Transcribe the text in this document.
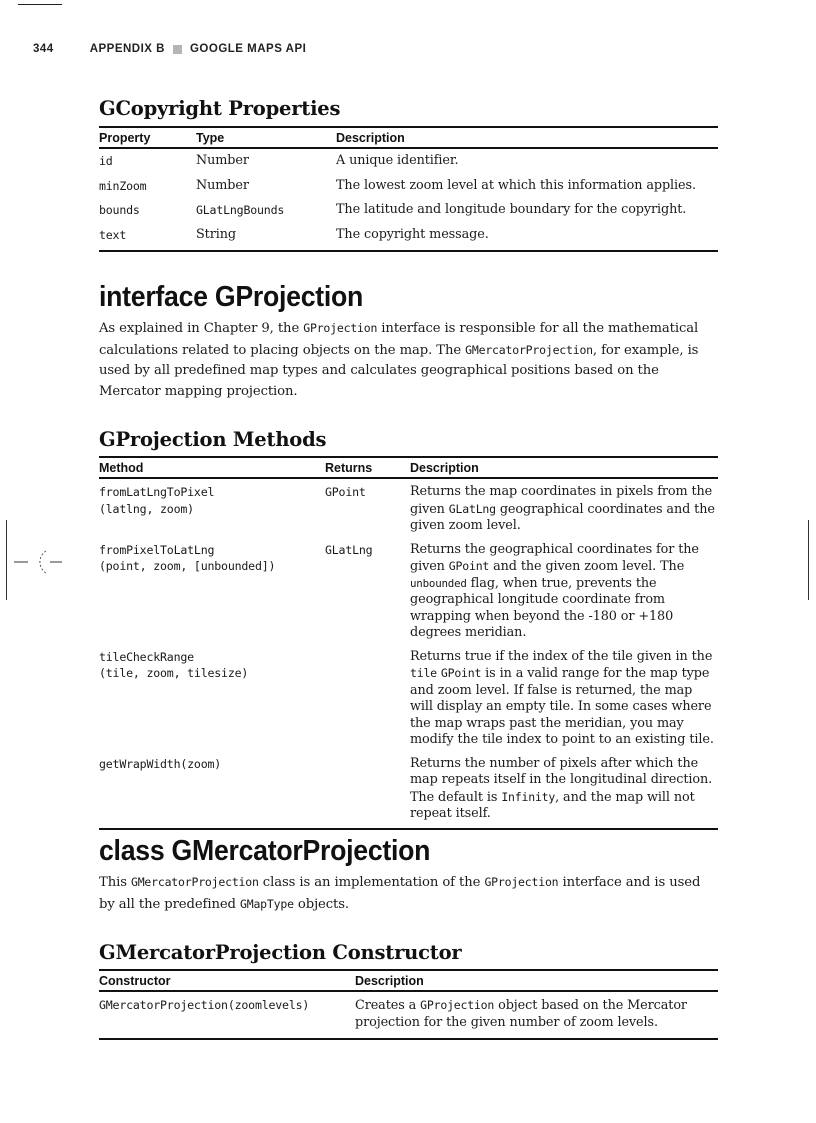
344	APPENDIX B GOOGLE MAPS API
GCopyright Properties
Property	Type	Description
id	Number	A unique identifier.
minZoom	Number	The lowest zoom level at which this information applies.
bounds	GLatLngBounds	The latitude and longitude boundary for the copyright.
text	String	The copyright message.
interface GProjection

As explained in Chapter 9, the GProjection interface is responsible for all the mathematical calculations related to placing objects on the map. The GMercatorProjection, for example, is used by all predefined map types and calculates geographical positions based on the Mercator mapping projection.

GProjection Methods
Method	Returns	Description

fromLatLngToPixel
(latlng, zoom)	GPoint	Returns the map coordinates in pixels from the given GLatLng geographical coordinates and the given zoom level.

fromPixelToLatLng
(point, zoom, [unbounded])	GLatLng	Returns the geographical coordinates for the given GPoint and the given zoom level. The unbounded flag, when true, prevents the geographical longitude coordinate from wrapping when beyond the -180 or +180 degrees meridian.

tileCheckRange
(tile, zoom, tilesize)		Returns true if the index of the tile given in the tile GPoint is in a valid range for the map type and zoom level. If false is returned, the map will display an empty tile. In some cases where the map wraps past the meridian, you may modify the tile index to point to an existing tile.

getWrapWidth(zoom)		Returns the number of pixels after which the map repeats itself in the longitudinal direction. The default is Infinity, and the map will not repeat itself.
class GMercatorProjection

This GMercatorProjection class is an implementation of the GProjection interface and is used by all the predefined GMapType objects.

GMercatorProjection Constructor
Constructor	Description
GMercatorProjection(zoomlevels)	Creates a GProjection object based on the Mercator projection for the given number of zoom levels.
